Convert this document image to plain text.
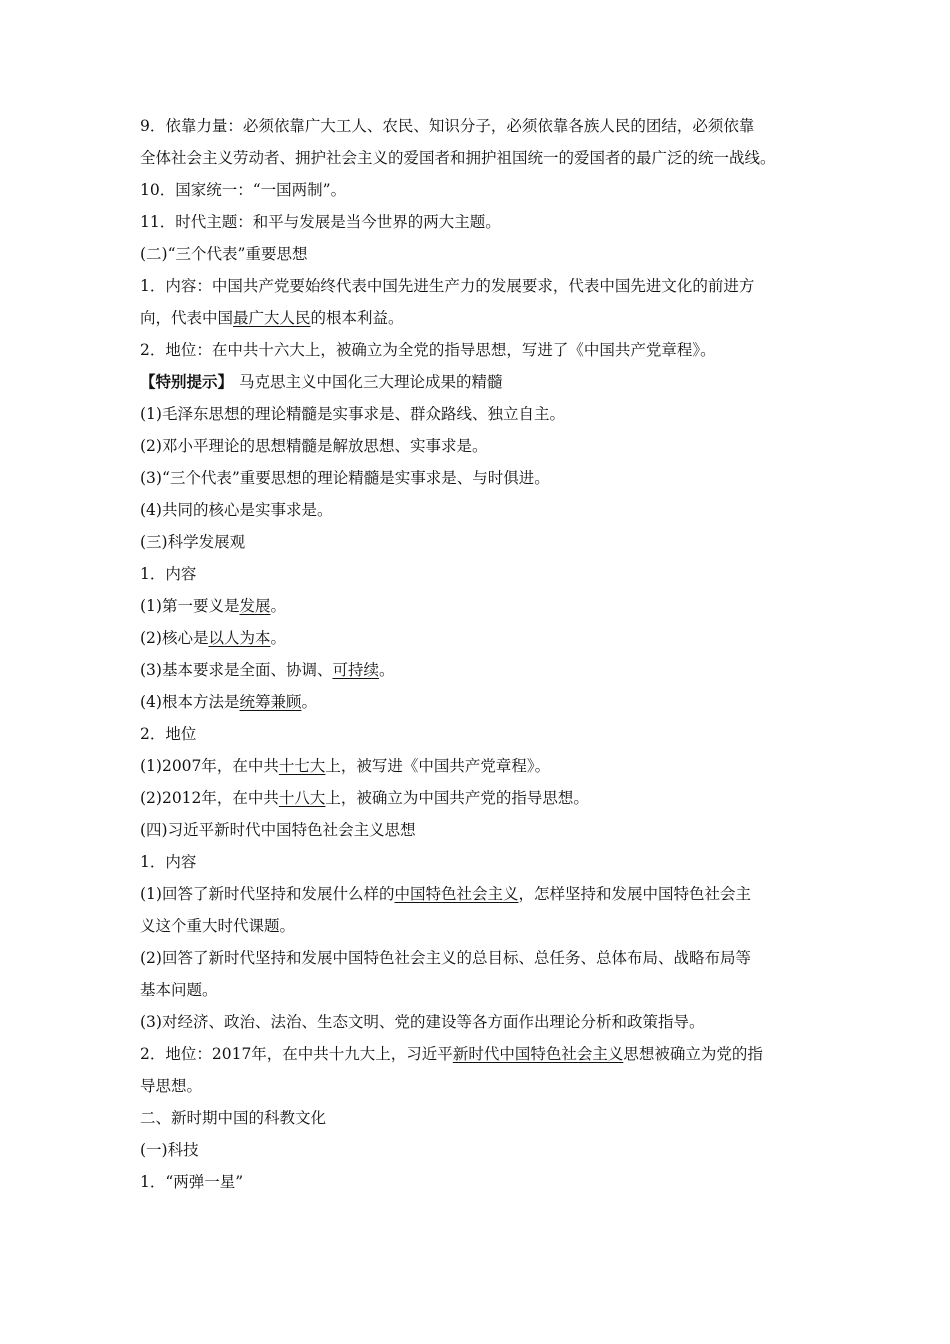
9．依靠力量：必须依靠广大工人、农民、知识分子，必须依靠各族人民的团结，必须依靠
全体社会主义劳动者、拥护社会主义的爱国者和拥护祖国统一的爱国者的最广泛的统一战线。
10．国家统一：“一国两制”。
11．时代主题：和平与发展是当今世界的两大主题。
(二)“三个代表”重要思想
1．内容：中国共产党要始终代表中国先进生产力的发展要求，代表中国先进文化的前进方
向，代表中国最广大人民的根本利益。
2．地位：在中共十六大上，被确立为全党的指导思想，写进了《中国共产党章程》。
【特别提示】 马克思主义中国化三大理论成果的精髓
(1)毛泽东思想的理论精髓是实事求是、群众路线、独立自主。
(2)邓小平理论的思想精髓是解放思想、实事求是。
(3)“三个代表”重要思想的理论精髓是实事求是、与时俱进。
(4)共同的核心是实事求是。
(三)科学发展观
1．内容
(1)第一要义是发展。
(2)核心是以人为本。
(3)基本要求是全面、协调、可持续。
(4)根本方法是统筹兼顾。
2．地位
(1)2007年，在中共十七大上，被写进《中国共产党章程》。
(2)2012年，在中共十八大上，被确立为中国共产党的指导思想。
(四)习近平新时代中国特色社会主义思想
1．内容
(1)回答了新时代坚持和发展什么样的中国特色社会主义，怎样坚持和发展中国特色社会主
义这个重大时代课题。
(2)回答了新时代坚持和发展中国特色社会主义的总目标、总任务、总体布局、战略布局等
基本问题。
(3)对经济、政治、法治、生态文明、党的建设等各方面作出理论分析和政策指导。
2．地位：2017年，在中共十九大上，习近平新时代中国特色社会主义思想被确立为党的指
导思想。
二、新时期中国的科教文化
(一)科技
1．“两弹一星”
